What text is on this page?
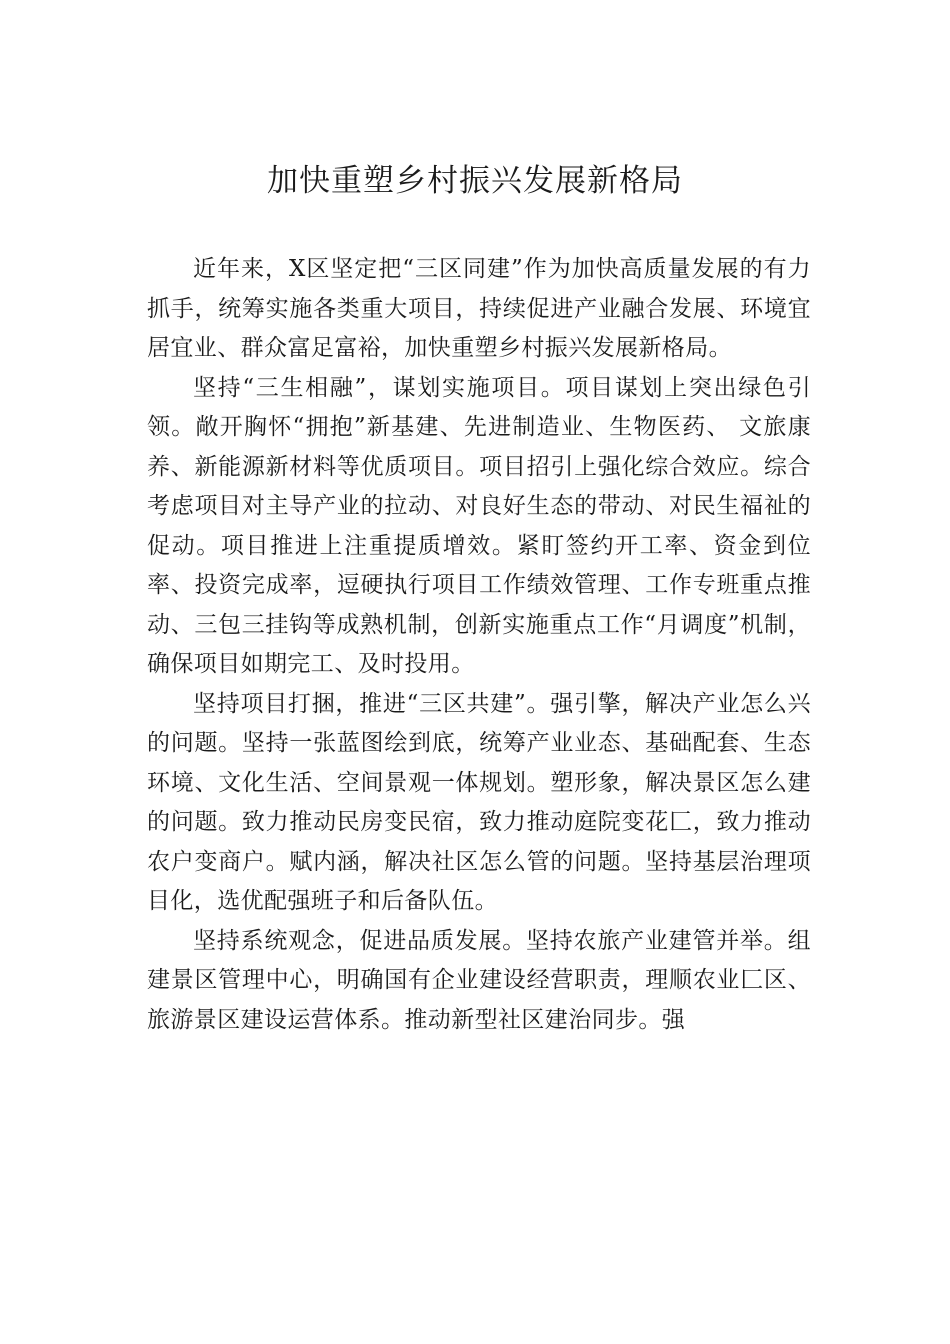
加快重塑乡村振兴发展新格局

近年来，X区坚定把“三区同建”作为加快高质量发展的有力抓手，统筹实施各类重大项目，持续促进产业融合发展、环境宜居宜业、群众富足富裕，加快重塑乡村振兴发展新格局。

坚持“三生相融”，谋划实施项目。项目谋划上突出绿色引领。敞开胸怀“拥抱”新基建、先进制造业、生物医药、 文旅康养、新能源新材料等优质项目。项目招引上强化综合效应。综合考虑项目对主导产业的拉动、对良好生态的带动、对民生福祉的促动。项目推进上注重提质增效。紧盯签约开工率、资金到位率、投资完成率，逗硬执行项目工作绩效管理、工作专班重点推动、三包三挂钩等成熟机制，创新实施重点工作“月调度”机制，确保项目如期完工、及时投用。

坚持项目打捆，推进“三区共建”。强引擎，解决产业怎么兴的问题。坚持一张蓝图绘到底，统筹产业业态、基础配套、生态环境、文化生活、空间景观一体规划。塑形象，解决景区怎么建的问题。致力推动民房变民宿，致力推动庭院变花⼕，致力推动农户变商户。赋内涵，解决社区怎么管的问题。坚持基层治理项目化，选优配强班子和后备队伍。

坚持系统观念，促进品质发展。坚持农旅产业建管并举。组建景区管理中心，明确国有企业建设经营职责，理顺农业⼕区、旅游景区建设运营体系。推动新型社区建治同步。强
